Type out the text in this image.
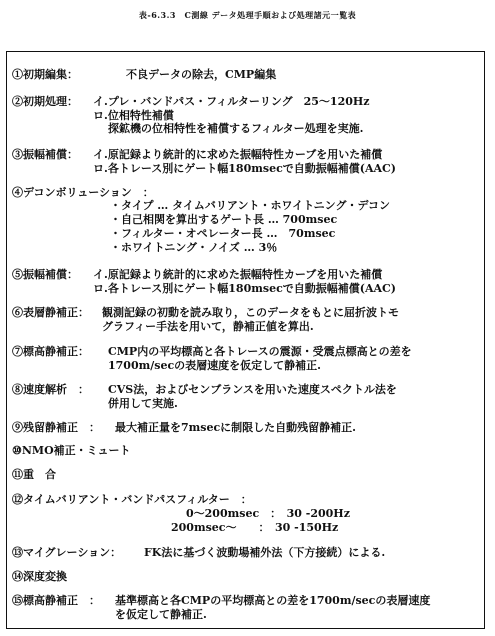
表-6.3.3　C測線 データ処理手順および処理諸元一覧表
①初期編集：	不良データの除去，CMP編集
②初期処理： イ.プレ・バンドパス・フィルターリング　25～120Hz
ロ.位相特性補償
探鉱機の位相特性を補償するフィルター処理を実施.
③振幅補償： イ.原記録より統計的に求めた振幅特性カーブを用いた補償
ロ.各トレース別にゲート幅180msecで自動振幅補償(AAC)
④デコンボリューション　：
・タイプ … タイムバリアント・ホワイトニング・デコン
・自己相関を算出するゲート長 … 700msec
・フィルター・オペレーター長 …　70msec
・ホワイトニング・ノイズ … 3％
⑤振幅補償： イ.原記録より統計的に求めた振幅特性カーブを用いた補償
ロ.各トレース別にゲート幅180msecで自動振幅補償(AAC)
⑥表層静補正： 観測記録の初動を読み取り，このデータをもとに屈折波トモ
グラフィー手法を用いて，静補正値を算出.
⑦標高静補正： CMP内の平均標高と各トレースの震源・受震点標高との差を
1700m/secの表層速度を仮定して静補正.
⑧速度解析　： CVS法，およびセンブランスを用いた速度スペクトル法を
併用して実施.
⑨残留静補正　： 最大補正量を7msecに制限した自動残留静補正.
⑩NMO補正・ミュート
⑪重　合
⑫タイムバリアント・バンドパスフィルター　：
0～200msec　：　30 -200Hz
200msec～　　：　30 -150Hz
⑬マイグレーション： FK法に基づく波動場補外法（下方接続）による.
⑭深度変換
⑮標高静補正　： 基準標高と各CMPの平均標高との差を1700m/secの表層速度
を仮定して静補正.
